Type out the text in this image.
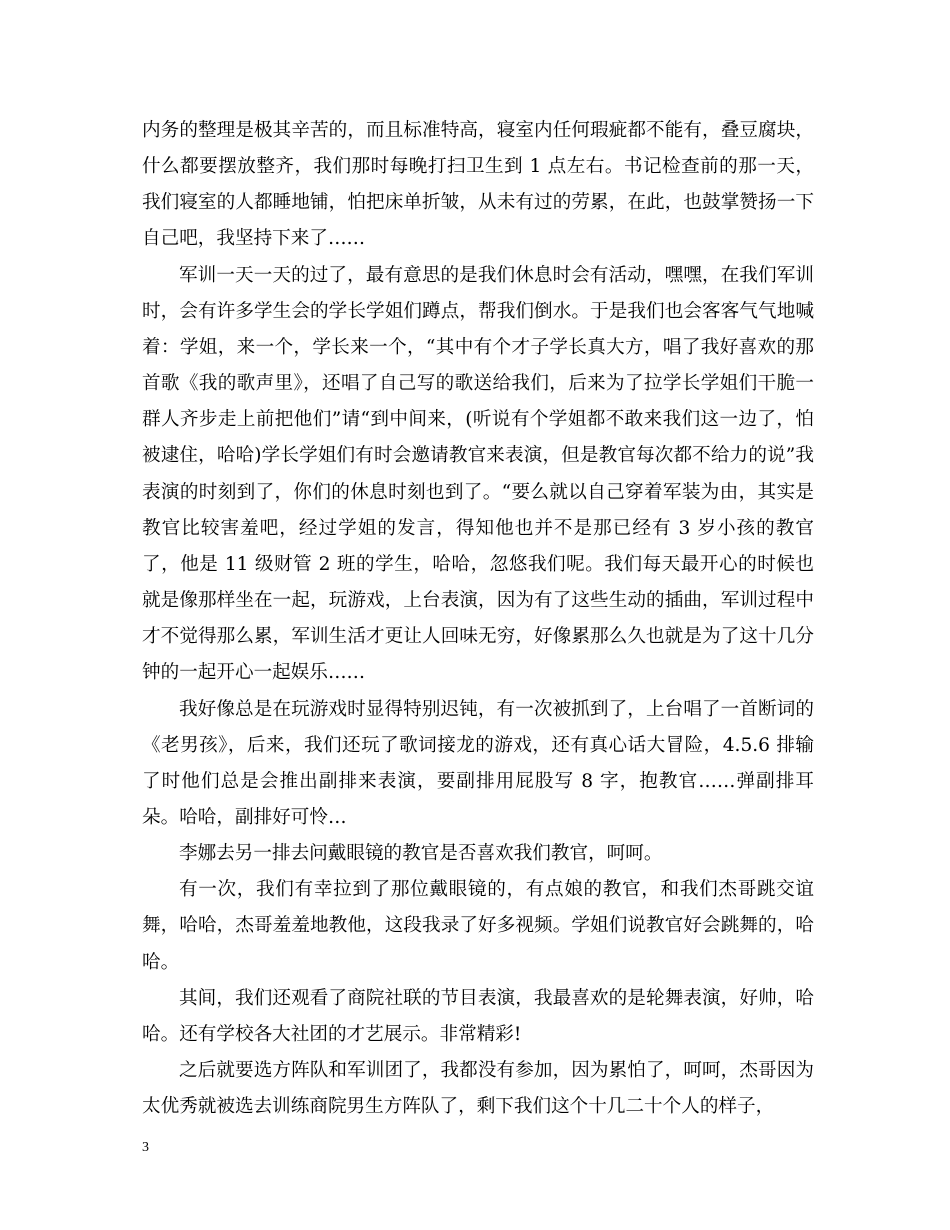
内务的整理是极其辛苦的，而且标准特高，寝室内任何瑕疵都不能有，叠豆腐块，什么都要摆放整齐，我们那时每晚打扫卫生到 1 点左右。书记检查前的那一天，我们寝室的人都睡地铺，怕把床单折皱，从未有过的劳累，在此，也鼓掌赞扬一下自己吧，我坚持下来了……

军训一天一天的过了，最有意思的是我们休息时会有活动，嘿嘿，在我们军训时，会有许多学生会的学长学姐们蹲点，帮我们倒水。于是我们也会客客气气地喊着：学姐，来一个，学长来一个，“其中有个才子学长真大方，唱了我好喜欢的那首歌《我的歌声里》，还唱了自己写的歌送给我们，后来为了拉学长学姐们干脆一群人齐步走上前把他们”请“到中间来，(听说有个学姐都不敢来我们这一边了，怕被逮住，哈哈)学长学姐们有时会邀请教官来表演，但是教官每次都不给力的说”我表演的时刻到了，你们的休息时刻也到了。“要么就以自己穿着军装为由，其实是教官比较害羞吧，经过学姐的发言，得知他也并不是那已经有 3 岁小孩的教官了，他是 11 级财管 2 班的学生，哈哈，忽悠我们呢。我们每天最开心的时候也就是像那样坐在一起，玩游戏，上台表演，因为有了这些生动的插曲，军训过程中才不觉得那么累，军训生活才更让人回味无穷，好像累那么久也就是为了这十几分钟的一起开心一起娱乐……

我好像总是在玩游戏时显得特别迟钝，有一次被抓到了，上台唱了一首断词的《老男孩》，后来，我们还玩了歌词接龙的游戏，还有真心话大冒险，4.5.6 排输了时他们总是会推出副排来表演，要副排用屁股写 8 字，抱教官……弹副排耳朵。哈哈，副排好可怜…

李娜去另一排去问戴眼镜的教官是否喜欢我们教官，呵呵。

有一次，我们有幸拉到了那位戴眼镜的，有点娘的教官，和我们杰哥跳交谊舞，哈哈，杰哥羞羞地教他，这段我录了好多视频。学姐们说教官好会跳舞的，哈哈。

其间，我们还观看了商院社联的节目表演，我最喜欢的是轮舞表演，好帅，哈哈。还有学校各大社团的才艺展示。非常精彩!

之后就要选方阵队和军训团了，我都没有参加，因为累怕了，呵呵，杰哥因为太优秀就被选去训练商院男生方阵队了，剩下我们这个十几二十个人的样子，

3
